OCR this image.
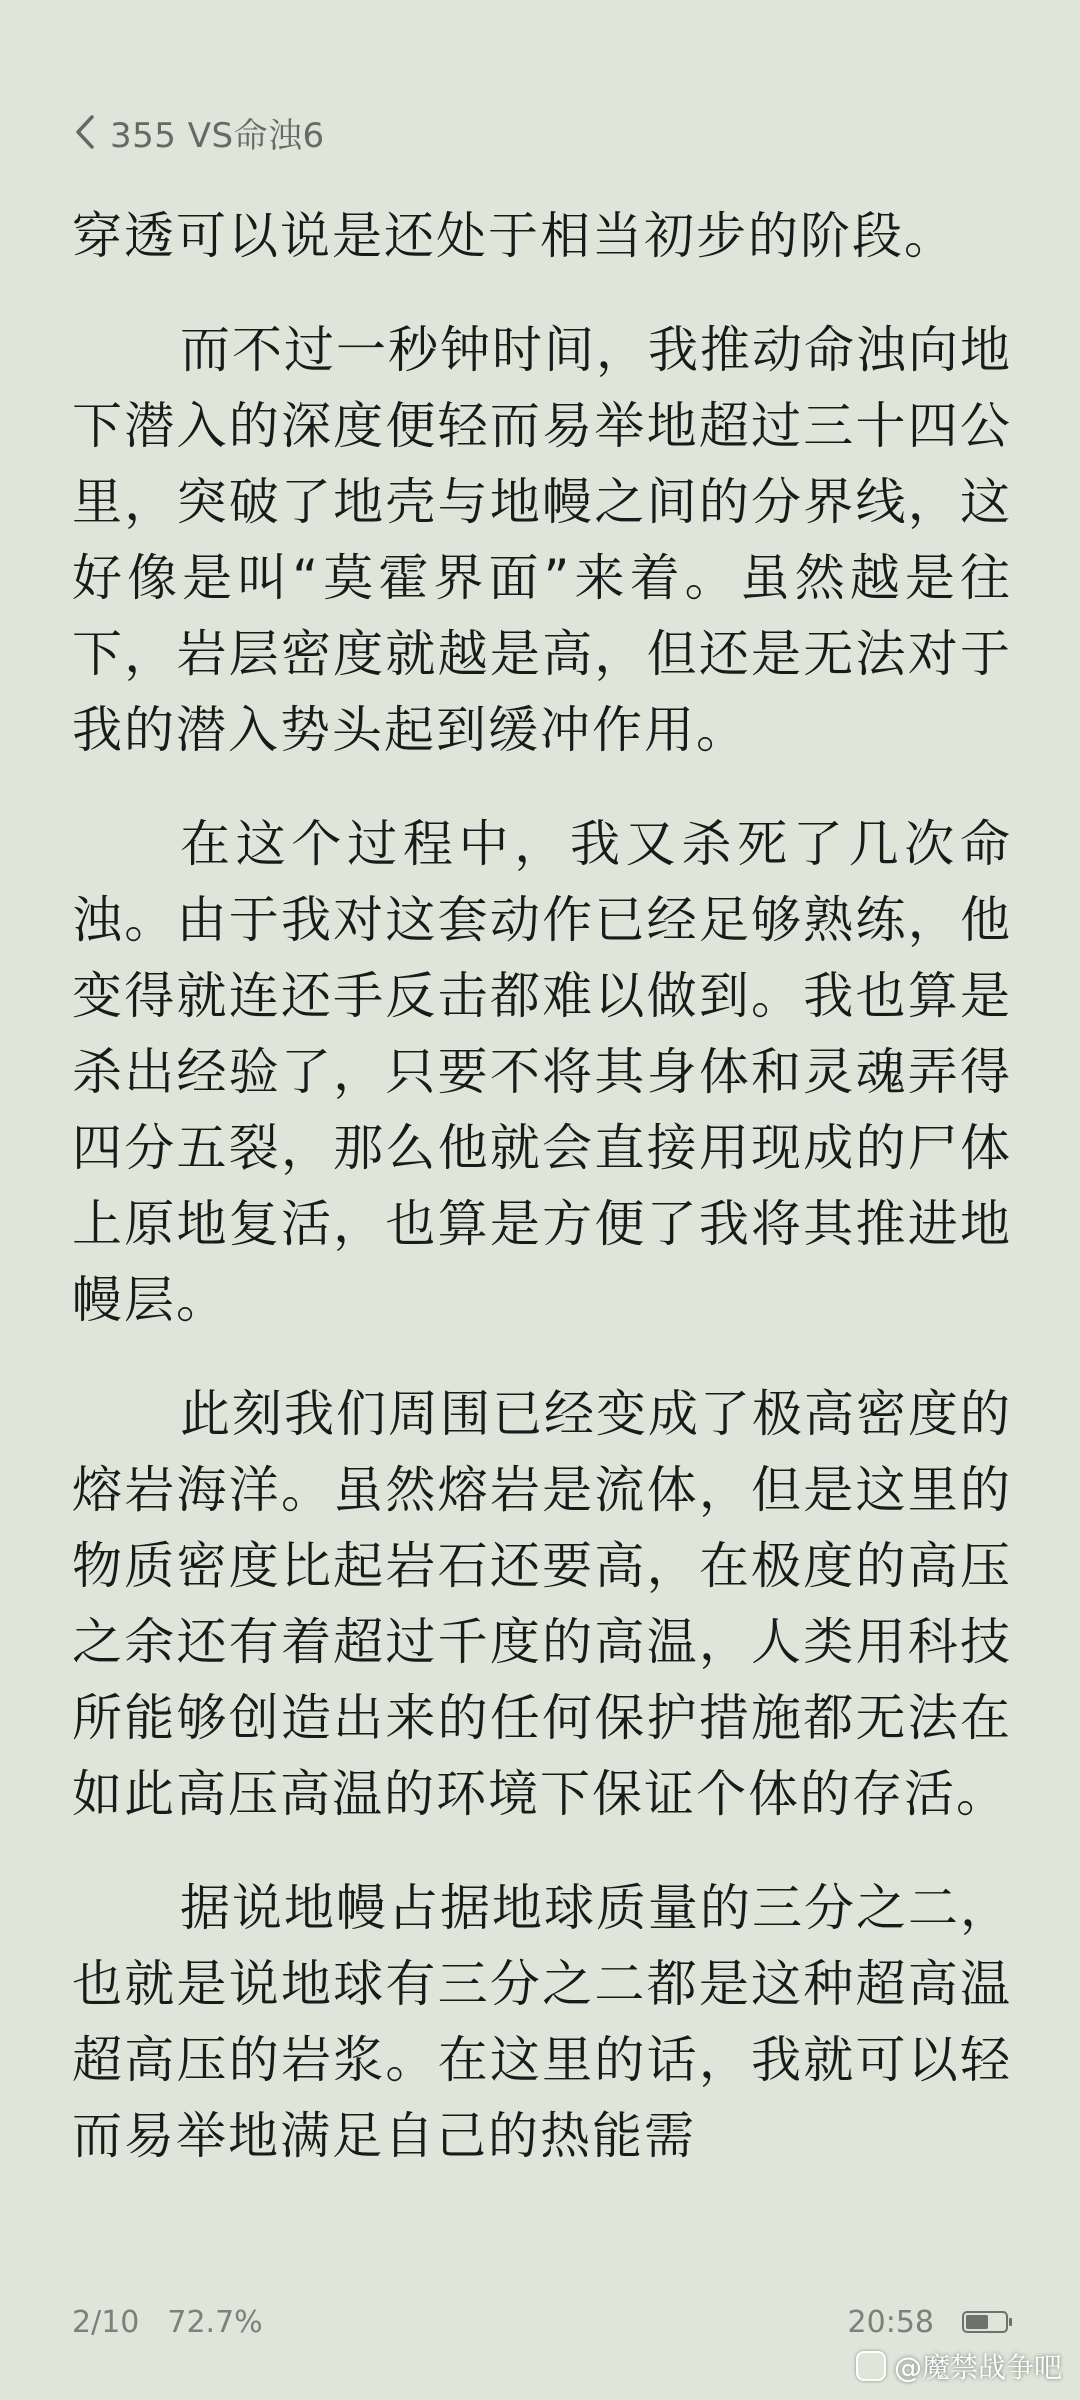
355 VS命浊6

穿透可以说是还处于相当初步的阶段。

而不过一秒钟时间，我推动命浊向地下潜入的深度便轻而易举地超过三十四公里，突破了地壳与地幔之间的分界线，这好像是叫“莫霍界面”来着。虽然越是往下，岩层密度就越是高，但还是无法对于我的潜入势头起到缓冲作用。

在这个过程中，我又杀死了几次命浊。由于我对这套动作已经足够熟练，他变得就连还手反击都难以做到。我也算是杀出经验了，只要不将其身体和灵魂弄得四分五裂，那么他就会直接用现成的尸体上原地复活，也算是方便了我将其推进地幔层。

此刻我们周围已经变成了极高密度的熔岩海洋。虽然熔岩是流体，但是这里的物质密度比起岩石还要高，在极度的高压之余还有着超过千度的高温，人类用科技所能够创造出来的任何保护措施都无法在如此高压高温的环境下保证个体的存活。

据说地幔占据地球质量的三分之二，也就是说地球有三分之二都是这种超高温超高压的岩浆。在这里的话，我就可以轻而易举地满足自己的热能需

2/10 72.7%	20:58
@魔禁战争吧
